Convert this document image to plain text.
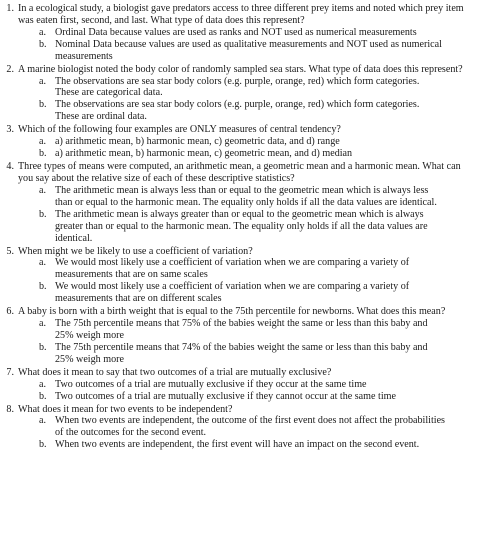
1. In a ecological study, a biologist gave predators access to three different prey items and noted which prey item was eaten first, second, and last. What type of data does this represent?
a. Ordinal Data because values are used as ranks and NOT used as numerical measurements
b. Nominal Data because values are used as qualitative measurements and NOT used as numerical measurements
2. A marine biologist noted the body color of randomly sampled sea stars. What type of data does this represent?
a. The observations are sea star body colors (e.g. purple, orange, red) which form categories. These are categorical data.
b. The observations are sea star body colors (e.g. purple, orange, red) which form categories. These are ordinal data.
3. Which of the following four examples are ONLY measures of central tendency?
a. a) arithmetic mean, b) harmonic mean, c) geometric data, and d) range
b. a) arithmetic mean, b) harmonic mean, c) geometric mean, and d) median
4. Three types of means were computed, an arithmetic mean, a geometric mean and a harmonic mean. What can you say about the relative size of each of these descriptive statistics?
a. The arithmetic mean is always less than or equal to the geometric mean which is always less than or equal to the harmonic mean. The equality only holds if all the data values are identical.
b. The arithmetic mean is always greater than or equal to the geometric mean which is always greater than or equal to the harmonic mean. The equality only holds if all the data values are identical.
5. When might we be likely to use a coefficient of variation?
a. We would most likely use a coefficient of variation when we are comparing a variety of measurements that are on same scales
b. We would most likely use a coefficient of variation when we are comparing a variety of measurements that are on different scales
6. A baby is born with a birth weight that is equal to the 75th percentile for newborns. What does this mean?
a. The 75th percentile means that 75% of the babies weight the same or less than this baby and 25% weigh more
b. The 75th percentile means that 74% of the babies weight the same or less than this baby and 25% weigh more
7. What does it mean to say that two outcomes of a trial are mutually exclusive?
a. Two outcomes of a trial are mutually exclusive if they occur at the same time
b. Two outcomes of a trial are mutually exclusive if they cannot occur at the same time
8. What does it mean for two events to be independent?
a. When two events are independent, the outcome of the first event does not affect the probabilities of the outcomes for the second event.
b. When two events are independent, the first event will have an impact on the second event.
